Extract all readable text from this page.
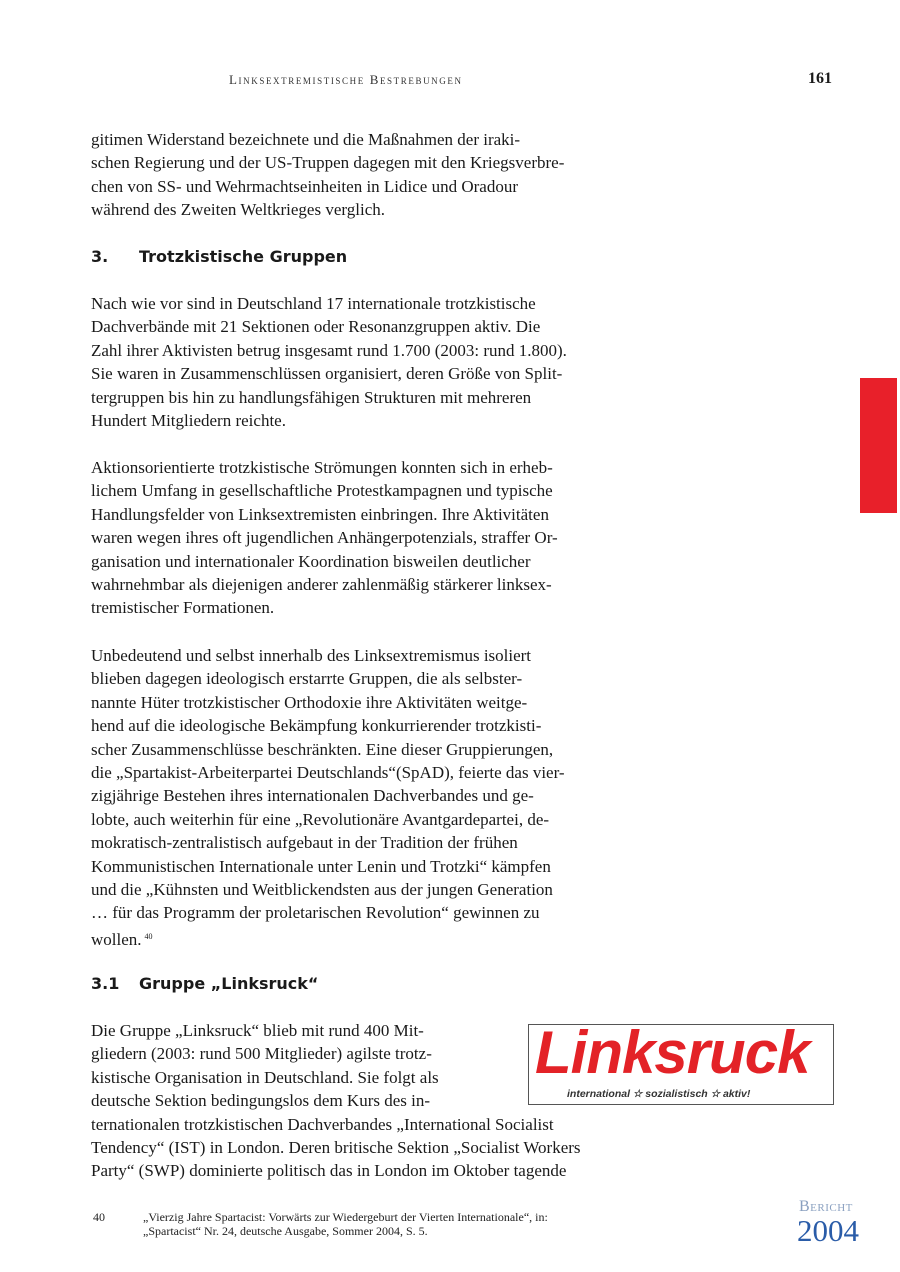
Linksextremistische Bestrebungen	161
gitimen Widerstand bezeichnete und die Maßnahmen der iraki-
schen Regierung und der US-Truppen dagegen mit den Kriegsverbre-
chen von SS- und Wehrmachtseinheiten in Lidice und Oradour
während des Zweiten Weltkrieges verglich.
3. Trotzkistische Gruppen
Nach wie vor sind in Deutschland 17 internationale trotzkistische
Dachverbände mit 21 Sektionen oder Resonanzgruppen aktiv. Die
Zahl ihrer Aktivisten betrug insgesamt rund 1.700 (2003: rund 1.800).
Sie waren in Zusammenschlüssen organisiert, deren Größe von Split-
tergruppen bis hin zu handlungsfähigen Strukturen mit mehreren
Hundert Mitgliedern reichte.
Aktionsorientierte trotzkistische Strömungen konnten sich in erheb-
lichem Umfang in gesellschaftliche Protestkampagnen und typische
Handlungsfelder von Linksextremisten einbringen. Ihre Aktivitäten
waren wegen ihres oft jugendlichen Anhängerpotenzials, straffer Or-
ganisation und internationaler Koordination bisweilen deutlicher
wahrnehmbar als diejenigen anderer zahlenmäßig stärkerer linksex-
tremistischer Formationen.
Unbedeutend und selbst innerhalb des Linksextremismus isoliert
blieben dagegen ideologisch erstarrte Gruppen, die als selbster-
nannte Hüter trotzkistischer Orthodoxie ihre Aktivitäten weitge-
hend auf die ideologische Bekämpfung konkurrierender trotzkisti-
scher Zusammenschlüsse beschränkten. Eine dieser Gruppierungen,
die „Spartakist-Arbeiterpartei Deutschlands“(SpAD), feierte das vier-
zigjährige Bestehen ihres internationalen Dachverbandes und ge-
lobte, auch weiterhin für eine „Revolutionäre Avantgardepartei, de-
mokratisch-zentralistisch aufgebaut in der Tradition der frühen
Kommunistischen Internationale unter Lenin und Trotzki“ kämpfen
und die „Kühnsten und Weitblickendsten aus der jungen Generation
… für das Programm der proletarischen Revolution“ gewinnen zu
wollen. $^{40}$
3.1 Gruppe „Linksruck“
Die Gruppe „Linksruck“ blieb mit rund 400 Mit-
gliedern (2003: rund 500 Mitglieder) agilste trotz-
kistische Organisation in Deutschland. Sie folgt als
deutsche Sektion bedingungslos dem Kurs des in-
ternationalen trotzkistischen Dachverbandes „International Socialist
Tendency“ (IST) in London. Deren britische Sektion „Socialist Workers
Party“ (SWP) dominierte politisch das in London im Oktober tagende
Linksruck
international ☆ sozialistisch ☆ aktiv!
40	„Vierzig Jahre Spartacist: Vorwärts zur Wiedergeburt der Vierten Internationale“, in:
„Spartacist“ Nr. 24, deutsche Ausgabe, Sommer 2004, S. 5.
Bericht
2004
